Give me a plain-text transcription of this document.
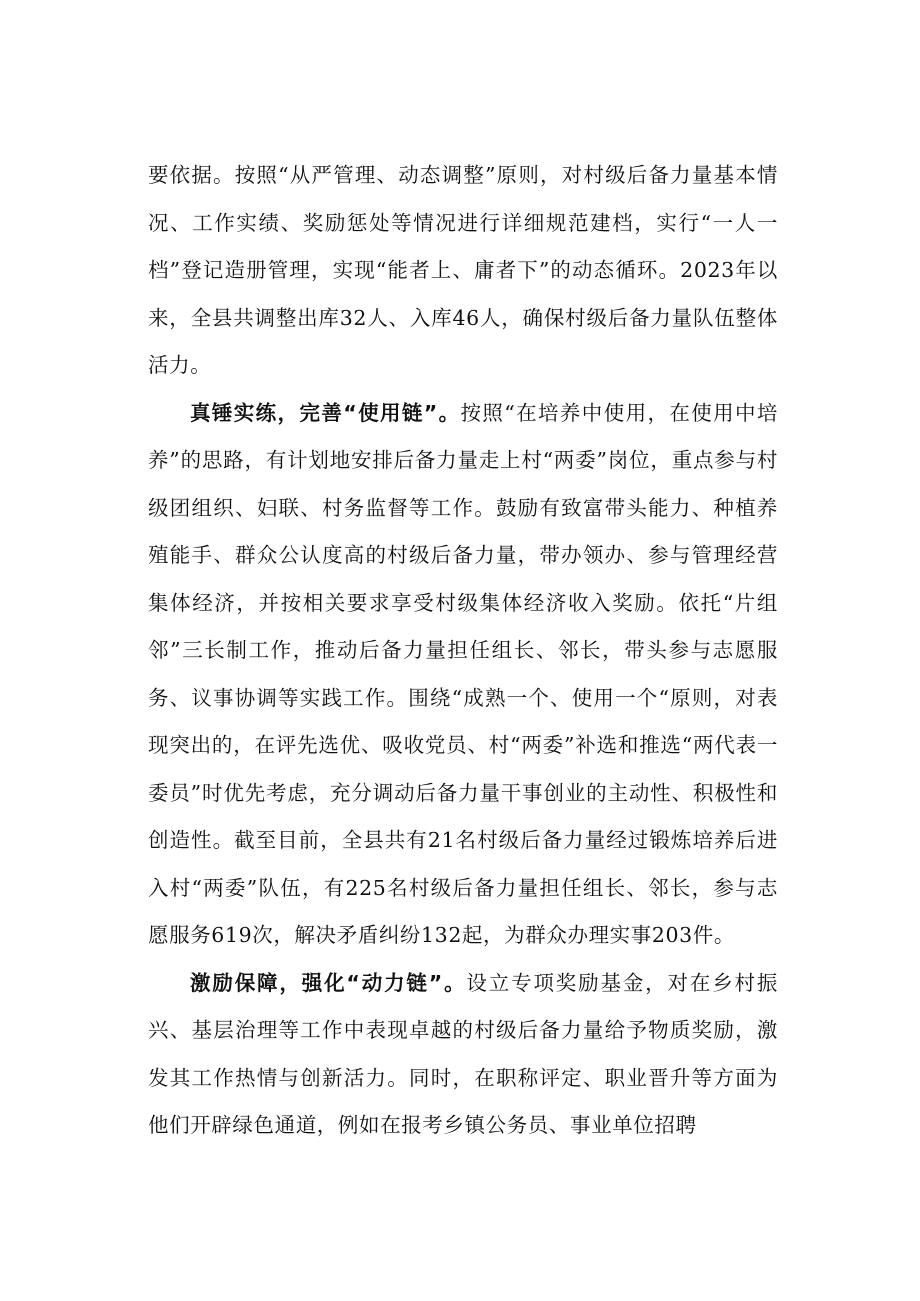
要依据。按照“从严管理、动态调整”原则，对村级后备力量基本情况、工作实绩、奖励惩处等情况进行详细规范建档，实行“一人一档”登记造册管理，实现“能者上、庸者下”的动态循环。2023年以来，全县共调整出库32人、入库46人，确保村级后备力量队伍整体活力。

真锤实练，完善“使用链”。按照“在培养中使用，在使用中培养”的思路，有计划地安排后备力量走上村“两委”岗位，重点参与村级团组织、妇联、村务监督等工作。鼓励有致富带头能力、种植养殖能手、群众公认度高的村级后备力量，带办领办、参与管理经营集体经济，并按相关要求享受村级集体经济收入奖励。依托“片组邻”三长制工作，推动后备力量担任组长、邻长，带头参与志愿服务、议事协调等实践工作。围绕“成熟一个、使用一个“原则，对表现突出的，在评先选优、吸收党员、村“两委”补选和推选“两代表一委员”时优先考虑，充分调动后备力量干事创业的主动性、积极性和创造性。截至目前，全县共有21名村级后备力量经过锻炼培养后进入村“两委”队伍，有225名村级后备力量担任组长、邻长，参与志愿服务619次，解决矛盾纠纷132起，为群众办理实事203件。

激励保障，强化“动力链”。设立专项奖励基金，对在乡村振兴、基层治理等工作中表现卓越的村级后备力量给予物质奖励，激发其工作热情与创新活力。同时，在职称评定、职业晋升等方面为他们开辟绿色通道，例如在报考乡镇公务员、事业单位招聘
